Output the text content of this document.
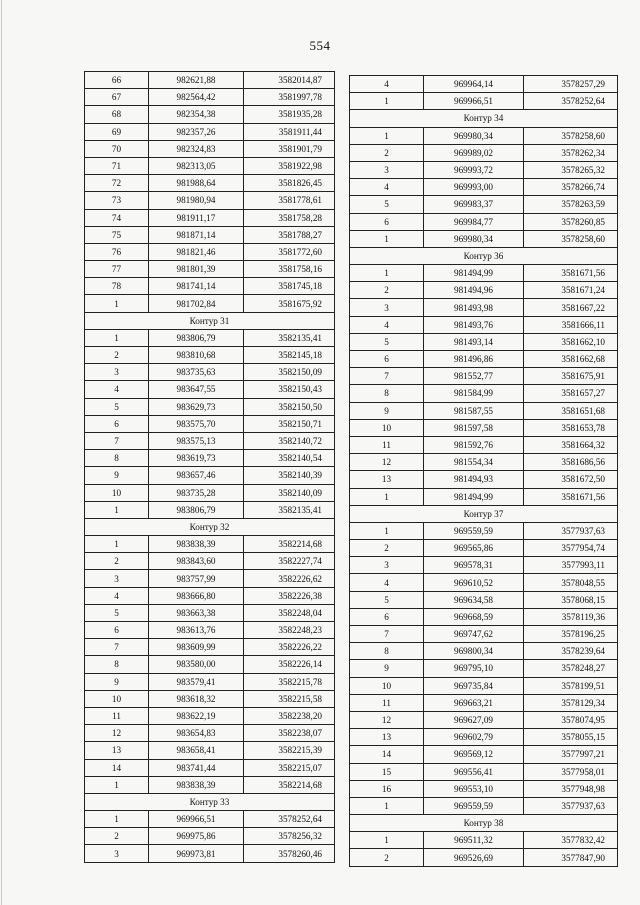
554
66	982621,88	3582014,87
67	982564,42	3581997,78
68	982354,38	3581935,28
69	982357,26	3581911,44
70	982324,83	3581901,79
71	982313,05	3581922,98
72	981988,64	3581826,45
73	981980,94	3581778,61
74	981911,17	3581758,28
75	981871,14	3581788,27
76	981821,46	3581772,60
77	981801,39	3581758,16
78	981741,14	3581745,18
1	981702,84	3581675,92
Контур 31		
1	983806,79	3582135,41
2	983810,68	3582145,18
3	983735,63	3582150,09
4	983647,55	3582150,43
5	983629,73	3582150,50
6	983575,70	3582150,71
7	983575,13	3582140,72
8	983619,73	3582140,54
9	983657,46	3582140,39
10	983735,28	3582140,09
1	983806,79	3582135,41
Контур 32		
1	983838,39	3582214,68
2	983843,60	3582227,74
3	983757,99	3582226,62
4	983666,80	3582226,38
5	983663,38	3582248,04
6	983613,76	3582248,23
7	983609,99	3582226,22
8	983580,00	3582226,14
9	983579,41	3582215,78
10	983618,32	3582215,58
11	983622,19	3582238,20
12	983654,83	3582238,07
13	983658,41	3582215,39
14	983741,44	3582215,07
1	983838,39	3582214,68
Контур 33		
1	969966,51	3578252,64
2	969975,86	3578256,32
3	969973,81	3578260,46
4	969964,14	3578257,29
1	969966,51	3578252,64
Контур 34		
1	969980,34	3578258,60
2	969989,02	3578262,34
3	969993,72	3578265,32
4	969993,00	3578266,74
5	969983,37	3578263,59
6	969984,77	3578260,85
1	969980,34	3578258,60
Контур 36		
1	981494,99	3581671,56
2	981494,96	3581671,24
3	981493,98	3581667,22
4	981493,76	3581666,11
5	981493,14	3581662,10
6	981496,86	3581662,68
7	981552,77	3581675,91
8	981584,99	3581657,27
9	981587,55	3581651,68
10	981597,58	3581653,78
11	981592,76	3581664,32
12	981554,34	3581686,56
13	981494,93	3581672,50
1	981494,99	3581671,56
Контур 37		
1	969559,59	3577937,63
2	969565,86	3577954,74
3	969578,31	3577993,11
4	969610,52	3578048,55
5	969634,58	3578068,15
6	969668,59	3578119,36
7	969747,62	3578196,25
8	969800,34	3578239,64
9	969795,10	3578248,27
10	969735,84	3578199,51
11	969663,21	3578129,34
12	969627,09	3578074,95
13	969602,79	3578055,15
14	969569,12	3577997,21
15	969556,41	3577958,01
16	969553,10	3577948,98
1	969559,59	3577937,63
Контур 38		
1	969511,32	3577832,42
2	969526,69	3577847,90
